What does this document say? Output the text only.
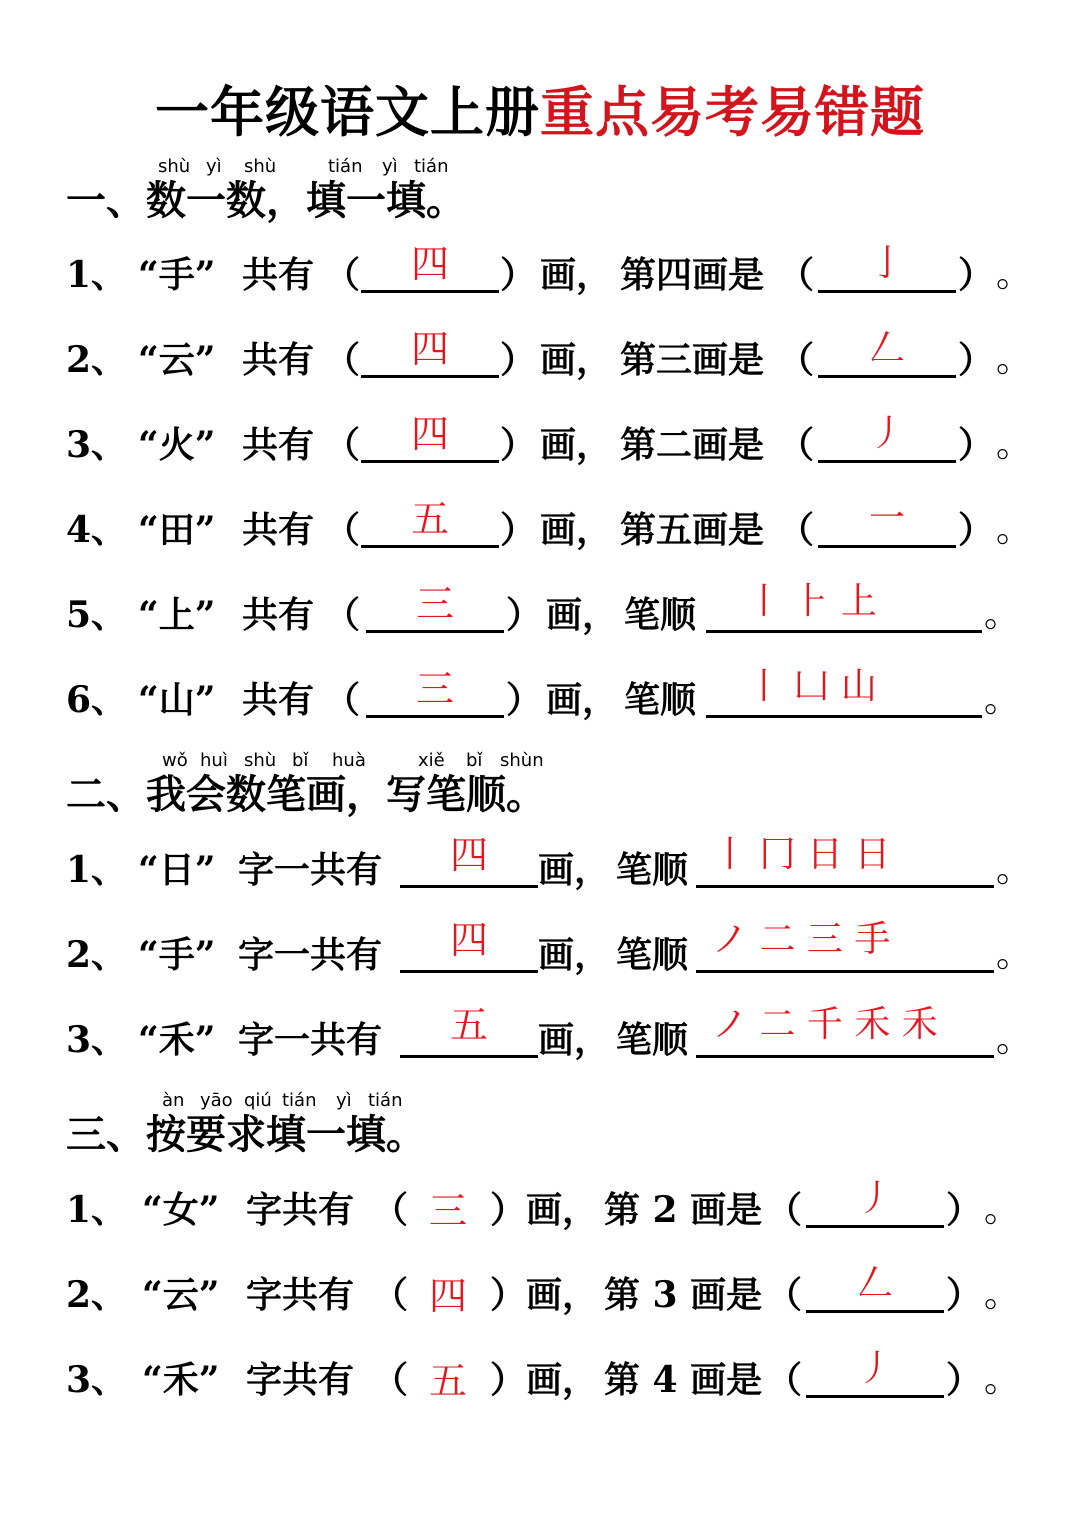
一年级语文上册重点易考易错题
shù yì shù	tián yì tián
一、数一数，填一填。
1、 “手” 共有 （	四	） 画， 第四画是 （	亅	） 。
2、 “云” 共有 （	四	） 画， 第三画是 （	𠃋	） 。
3、 “火” 共有 （	四	） 画， 第二画是 （	丿	） 。
4、 “田” 共有 （	五	） 画， 第五画是 （	一	） 。
5、 “上” 共有 （	三	） 画， 笔顺	丨 ⺊ 上	。
6、 “山” 共有 （	三	） 画， 笔顺	丨 凵 山	。
wǒ huì shù bǐ huà	xiě bǐ shùn
二、我会数笔画，写笔顺。
1、 “日” 字一共有	四	画， 笔顺 丨 冂 日 日	。
2、 “手” 字一共有	四	画， 笔顺 ノ 二 三 手	。
3、 “禾” 字一共有	五	画， 笔顺 ノ 二 千 禾 禾	。
àn yāo qiú tián yì tián
三、按要求填一填。
1、 “女” 字共有 （ 三 ） 画， 第 2 画是 （	丿	） 。
2、 “云” 字共有 （ 四 ） 画， 第 3 画是 （	𠃋	） 。
3、 “禾” 字共有 （ 五 ） 画， 第 4 画是 （	丿	） 。
